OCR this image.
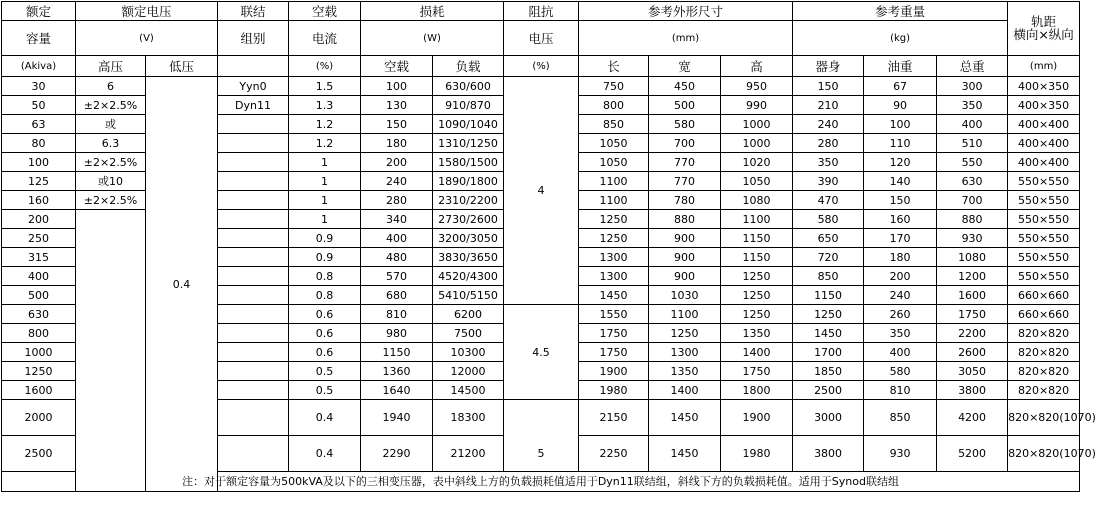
额定	额定电压		联结	空载	损耗		阻抗	参考外形尺寸			参考重量			轨距
横向×纵向

容量	(V)		组别	电流	(W)		电压	(mm)			(kg)			
(Akiva)	高压	低压		(%)	空载	负载	(%)	长	宽	高	器身	油重	总重	(mm)
30	6	0.4	Yyn0	1.5	100	630/600	4	750	450	950	150	67	300	400×350
50	±2×2.5%		Dyn11	1.3	130	910/870		800	500	990	210	90	350	400×350
63	或			1.2	150	1090/1040		850	580	1000	240	100	400	400×400
80	6.3			1.2	180	1310/1250		1050	700	1000	280	110	510	400×400
100	±2×2.5%			1	200	1580/1500		1050	770	1020	350	120	550	400×400
125	或10			1	240	1890/1800		1100	770	1050	390	140	630	550×550
160	±2×2.5%			1	280	2310/2200		1100	780	1080	470	150	700	550×550
200				1	340	2730/2600		1250	880	1100	580	160	880	550×550
250				0.9	400	3200/3050		1250	900	1150	650	170	930	550×550
315				0.9	480	3830/3650		1300	900	1150	720	180	1080	550×550
400				0.8	570	4520/4300		1300	900	1250	850	200	1200	550×550
500				0.8	680	5410/5150		1450	1030	1250	1150	240	1600	660×660
630				0.6	810	6200	4.5	1550	1100	1250	1250	260	1750	660×660
800				0.6	980	7500		1750	1250	1350	1450	350	2200	820×820
1000				0.6	1150	10300		1750	1300	1400	1700	400	2600	820×820
1250				0.5	1360	12000		1900	1350	1750	1850	580	3050	820×820
1600				0.5	1640	14500		1980	1400	1800	2500	810	3800	820×820
2000				0.4	1940	18300		2150	1450	1900	3000	850	4200	820×820(1070)
2500				0.4	2290	21200	5	2250	1450	1980	3800	930	5200	820×820(1070)
注：对于额定容量为500kVA及以下的三相变压器，表中斜线上方的负载损耗值适用于Dyn11联结组，斜线下方的负载损耗值。适用于Synod联结组														
